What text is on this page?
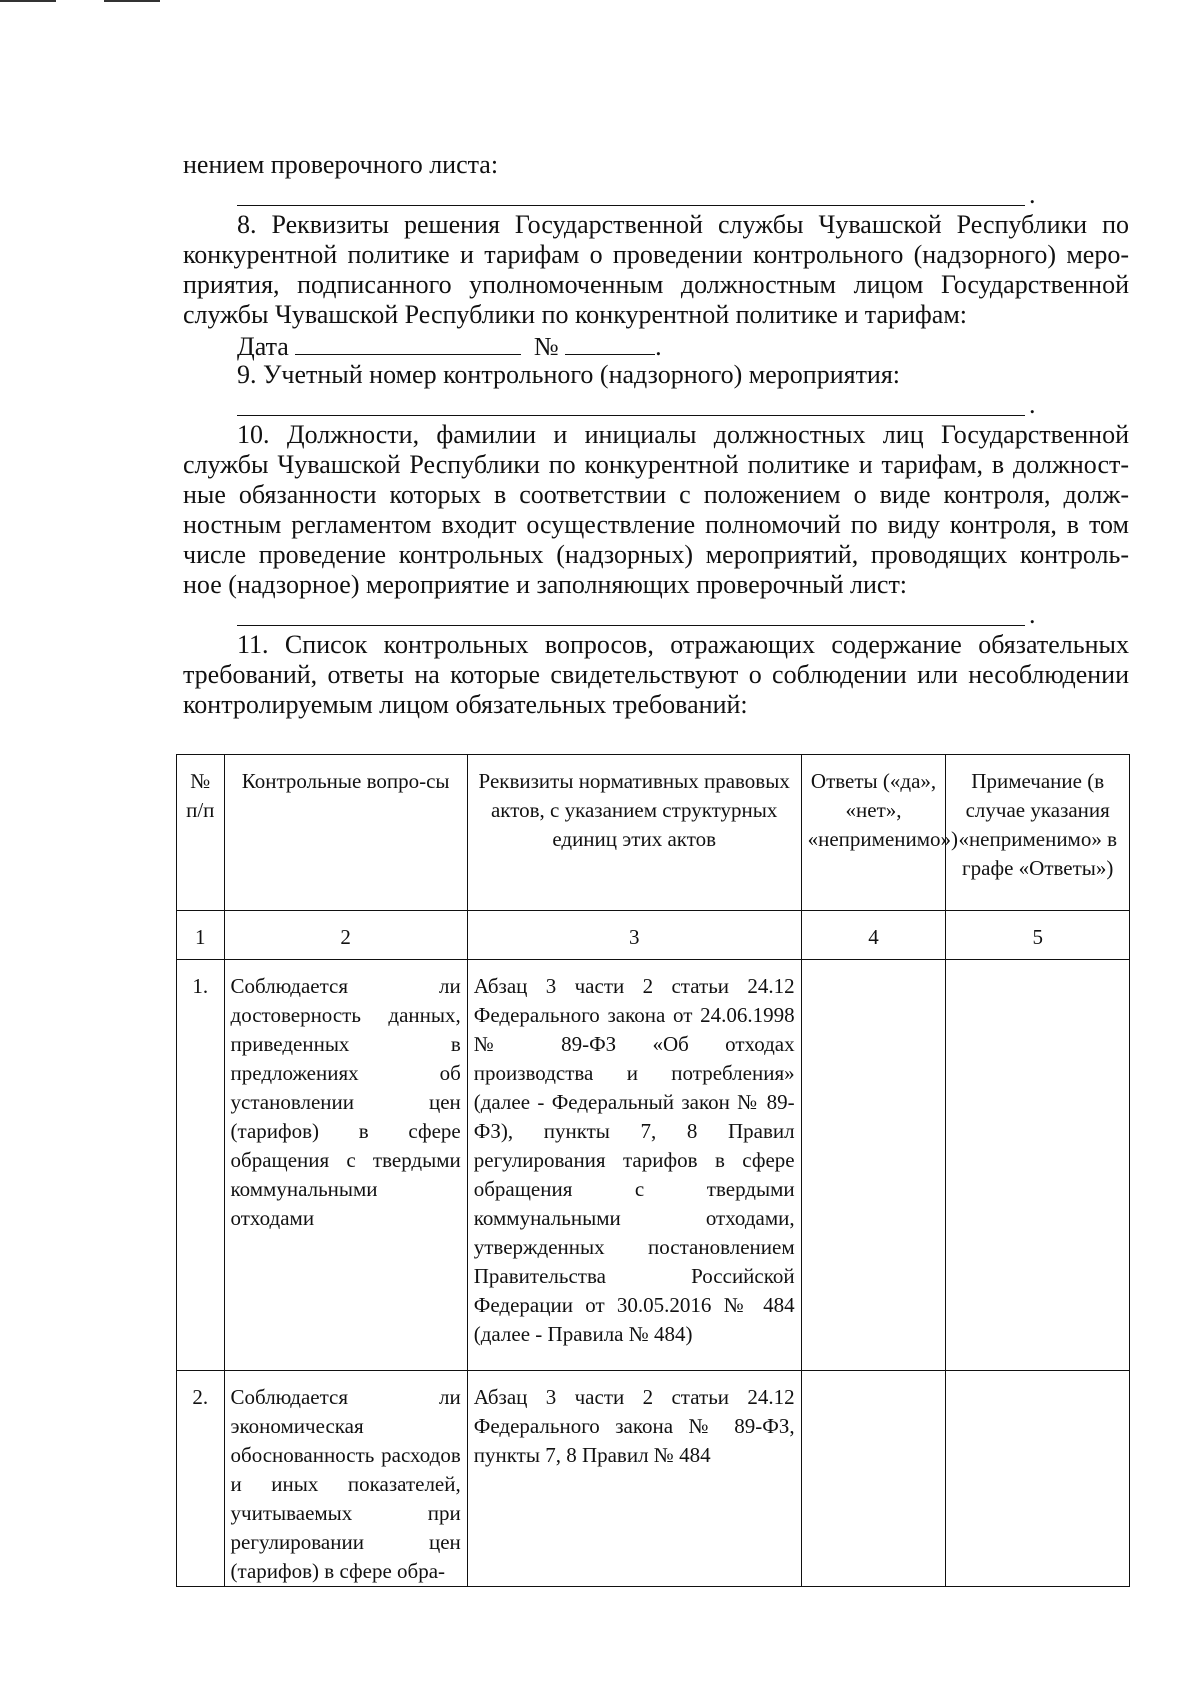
нением проверочного листа:
.
8. Реквизиты решения Государственной службы Чувашской Республики по
конкурентной политике и тарифам о проведении контрольного (надзорного) меро-
приятия, подписанного уполномоченным должностным лицом Государственной
службы Чувашской Республики по конкурентной политике и тарифам:
Дата	№	.
9. Учетный номер контрольного (надзорного) мероприятия:
.
10. Должности, фамилии и инициалы должностных лиц Государственной
службы Чувашской Республики по конкурентной политике и тарифам, в должност-
ные обязанности которых в соответствии с положением о виде контроля, долж-
ностным регламентом входит осуществление полномочий по виду контроля, в том
числе проведение контрольных (надзорных) мероприятий, проводящих контроль-
ное (надзорное) мероприятие и заполняющих проверочный лист:
.
11. Список контрольных вопросов, отражающих содержание обязательных
требований, ответы на которые свидетельствуют о соблюдении или несоблюдении
контролируемым лицом обязательных требований:
№ п/п	Контрольные вопро-сы	Реквизиты нормативных правовых актов, с указанием структурных единиц этих актов	Ответы («да», «нет», «неприменимо»)	Примечание (в случае указания «неприменимо» в графе «Ответы»)
1	2	3	4	5
1.	Соблюдается ли достоверность данных, приведенных в предложениях об установлении цен (тарифов) в сфере обращения с твердыми коммунальными отходами	Абзац 3 части 2 статьи 24.12 Федерального закона от 24.06.1998 № 89-ФЗ «Об отходах производства и потребления» (далее - Федеральный закон № 89-ФЗ), пункты 7, 8 Правил регулирования тарифов в сфере обращения с твердыми коммунальными отходами, утвержденных постановлением Правительства Российской Федерации от 30.05.2016 № 484 (далее - Правила № 484)		
2.	Соблюдается ли экономическая обоснованность расходов и иных показателей, учитываемых при регулировании цен (тарифов) в сфере обра-	Абзац 3 части 2 статьи 24.12 Федерального закона № 89-ФЗ, пункты 7, 8 Правил № 484		
